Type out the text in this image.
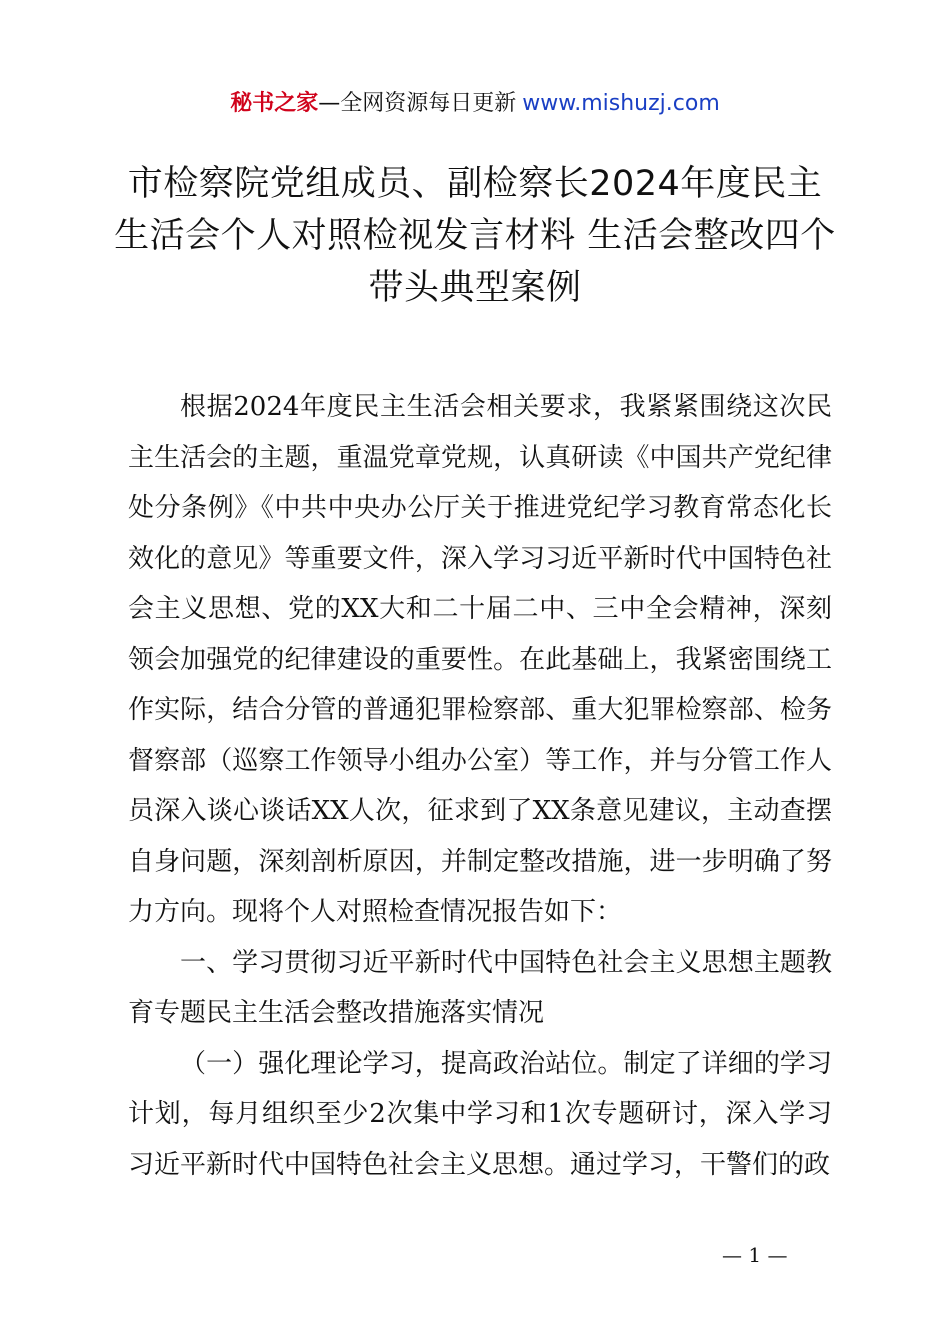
秘书之家—全网资源每日更新 www.mishuzj.com
市检察院党组成员、副检察长2024年度民主生活会个人对照检视发言材料 生活会整改四个带头典型案例

根据2024年度民主生活会相关要求，我紧紧围绕这次民主生活会的主题，重温党章党规，认真研读《中国共产党纪律处分条例》《中共中央办公厅关于推进党纪学习教育常态化长效化的意见》等重要文件，深入学习习近平新时代中国特色社会主义思想、党的XX大和二十届二中、三中全会精神，深刻领会加强党的纪律建设的重要性。在此基础上，我紧密围绕工作实际，结合分管的普通犯罪检察部、重大犯罪检察部、检务督察部（巡察工作领导小组办公室）等工作，并与分管工作人员深入谈心谈话XX人次，征求到了XX条意见建议，主动查摆自身问题，深刻剖析原因，并制定整改措施，进一步明确了努力方向。现将个人对照检查情况报告如下：

一、学习贯彻习近平新时代中国特色社会主义思想主题教育专题民主生活会整改措施落实情况

（一）强化理论学习，提高政治站位。制定了详细的学习计划，每月组织至少2次集中学习和1次专题研讨，深入学习习近平新时代中国特色社会主义思想。通过学习，干警们的政

— 1 —
